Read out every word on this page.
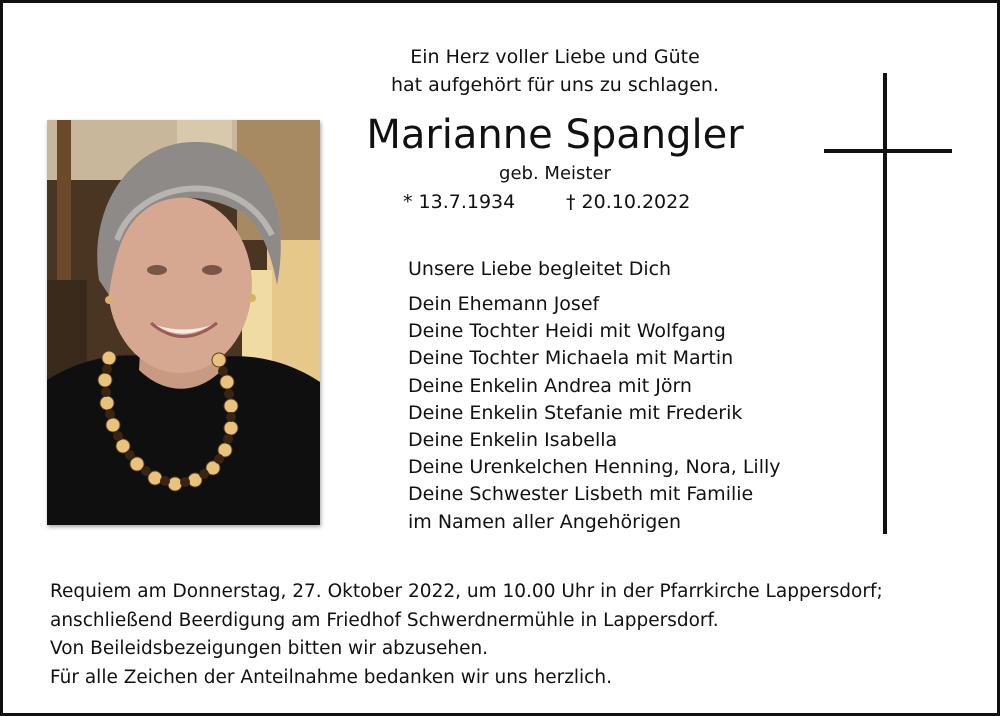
Ein Herz voller Liebe und Güte
hat aufgehört für uns zu schlagen.
Marianne Spangler
geb. Meister
* 13.7.1934	† 20.10.2022
Unsere Liebe begleitet Dich
Dein Ehemann Josef
Deine Tochter Heidi mit Wolfgang
Deine Tochter Michaela mit Martin
Deine Enkelin Andrea mit Jörn
Deine Enkelin Stefanie mit Frederik
Deine Enkelin Isabella
Deine Urenkelchen Henning, Nora, Lilly
Deine Schwester Lisbeth mit Familie
im Namen aller Angehörigen
Requiem am Donnerstag, 27. Oktober 2022, um 10.00 Uhr in der Pfarrkirche Lappersdorf;
anschließend Beerdigung am Friedhof Schwerdnermühle in Lappersdorf.
Von Beileidsbezeigungen bitten wir abzusehen.
Für alle Zeichen der Anteilnahme bedanken wir uns herzlich.
